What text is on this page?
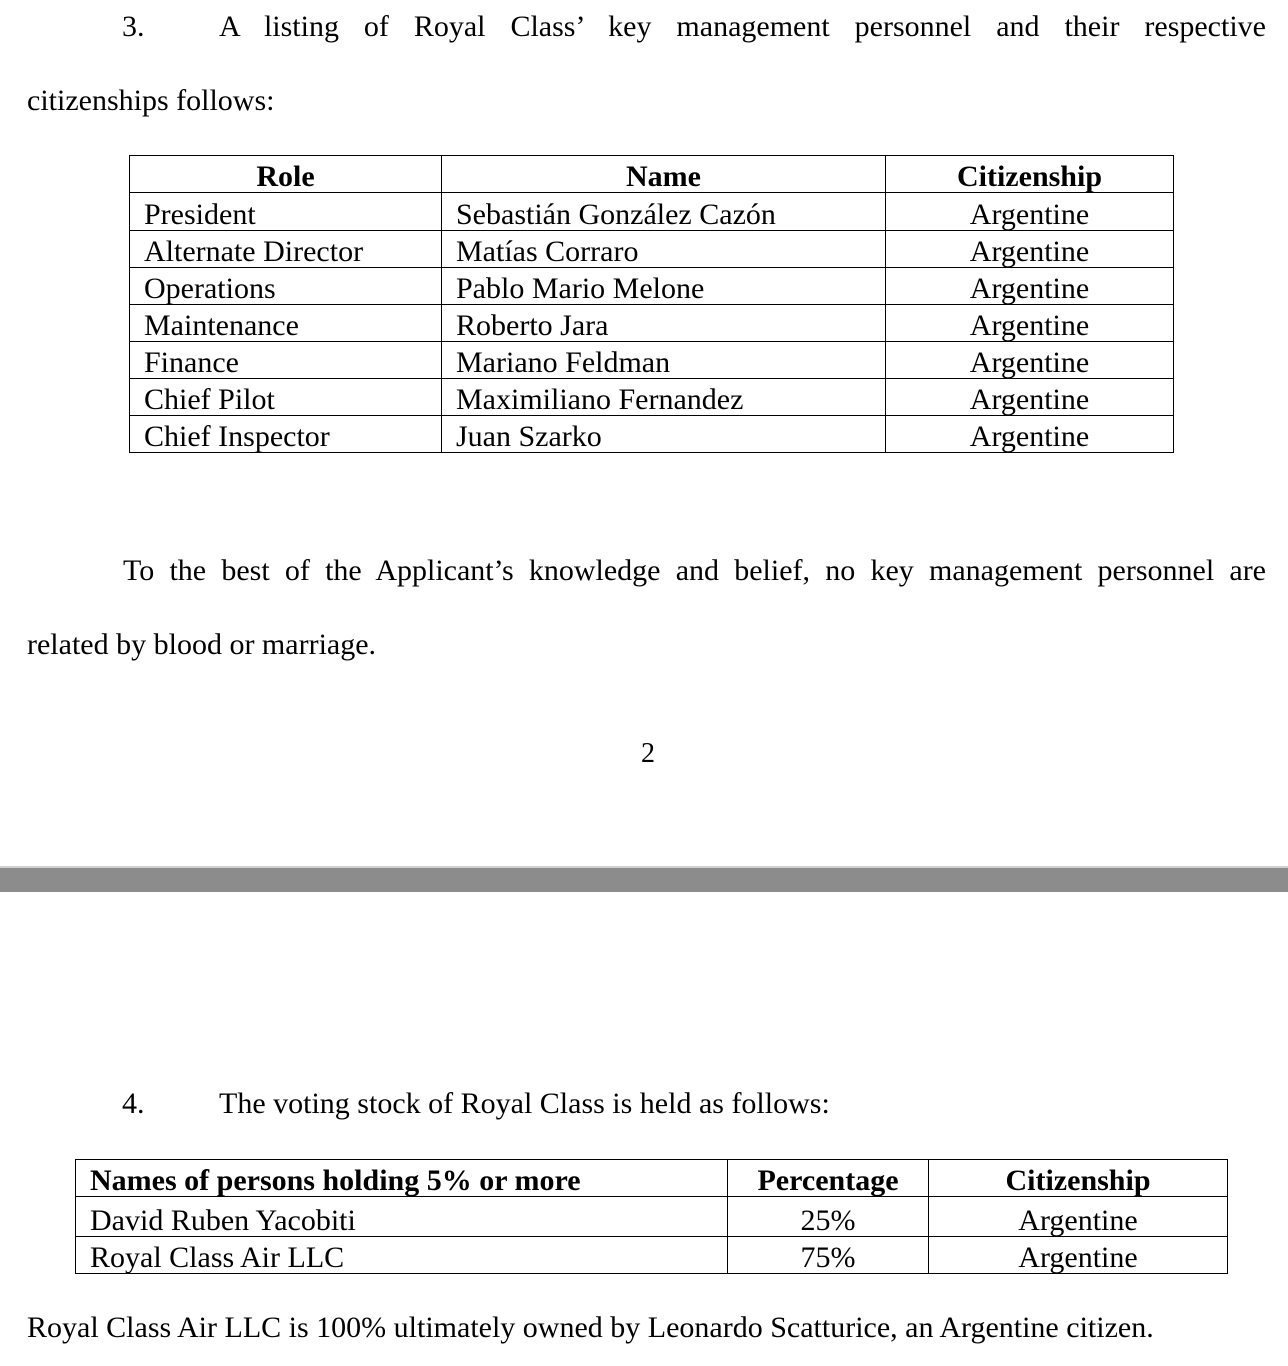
3. A listing of Royal Class’ key management personnel and their respective
citizenships follows:
Role	Name	Citizenship
President	Sebastián González Cazón	Argentine
Alternate Director	Matías Corraro	Argentine
Operations	Pablo Mario Melone	Argentine
Maintenance	Roberto Jara	Argentine
Finance	Mariano Feldman	Argentine
Chief Pilot	Maximiliano Fernandez	Argentine
Chief Inspector	Juan Szarko	Argentine
To the best of the Applicant’s knowledge and belief, no key management personnel are
related by blood or marriage.
2
4. The voting stock of Royal Class is held as follows:
Names of persons holding 5% or more	Percentage	Citizenship
David Ruben Yacobiti	25%	Argentine
Royal Class Air LLC	75%	Argentine
Royal Class Air LLC is 100% ultimately owned by Leonardo Scatturice, an Argentine citizen.
